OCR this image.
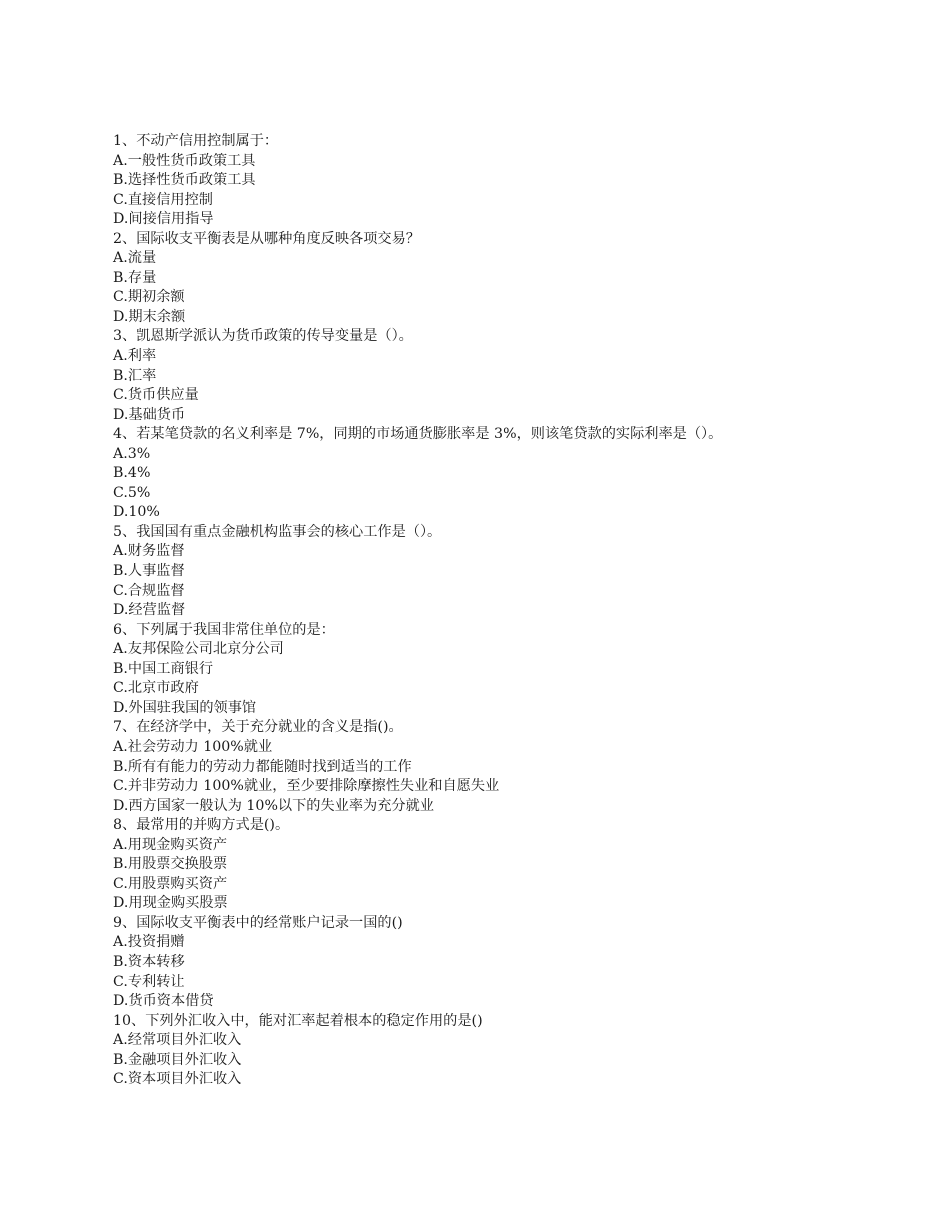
1、不动产信用控制属于：
A.一般性货币政策工具
B.选择性货币政策工具
C.直接信用控制
D.间接信用指导
2、国际收支平衡表是从哪种角度反映各项交易？
A.流量
B.存量
C.期初余额
D.期末余额
3、凯恩斯学派认为货币政策的传导变量是（）。
A.利率
B.汇率
C.货币供应量
D.基础货币
4、若某笔贷款的名义利率是 7%，同期的市场通货膨胀率是 3%，则该笔贷款的实际利率是（）。
A.3%
B.4%
C.5%
D.10%
5、我国国有重点金融机构监事会的核心工作是（）。
A.财务监督
B.人事监督
C.合规监督
D.经营监督
6、下列属于我国非常住单位的是：
A.友邦保险公司北京分公司
B.中国工商银行
C.北京市政府
D.外国驻我国的领事馆
7、在经济学中，关于充分就业的含义是指()。
A.社会劳动力 100%就业
B.所有有能力的劳动力都能随时找到适当的工作
C.并非劳动力 100%就业，至少要排除摩擦性失业和自愿失业
D.西方国家一般认为 10%以下的失业率为充分就业
8、最常用的并购方式是()。
A.用现金购买资产
B.用股票交换股票
C.用股票购买资产
D.用现金购买股票
9、国际收支平衡表中的经常账户记录一国的()
A.投资捐赠
B.资本转移
C.专利转让
D.货币资本借贷
10、下列外汇收入中，能对汇率起着根本的稳定作用的是()
A.经常项目外汇收入
B.金融项目外汇收入
C.资本项目外汇收入
